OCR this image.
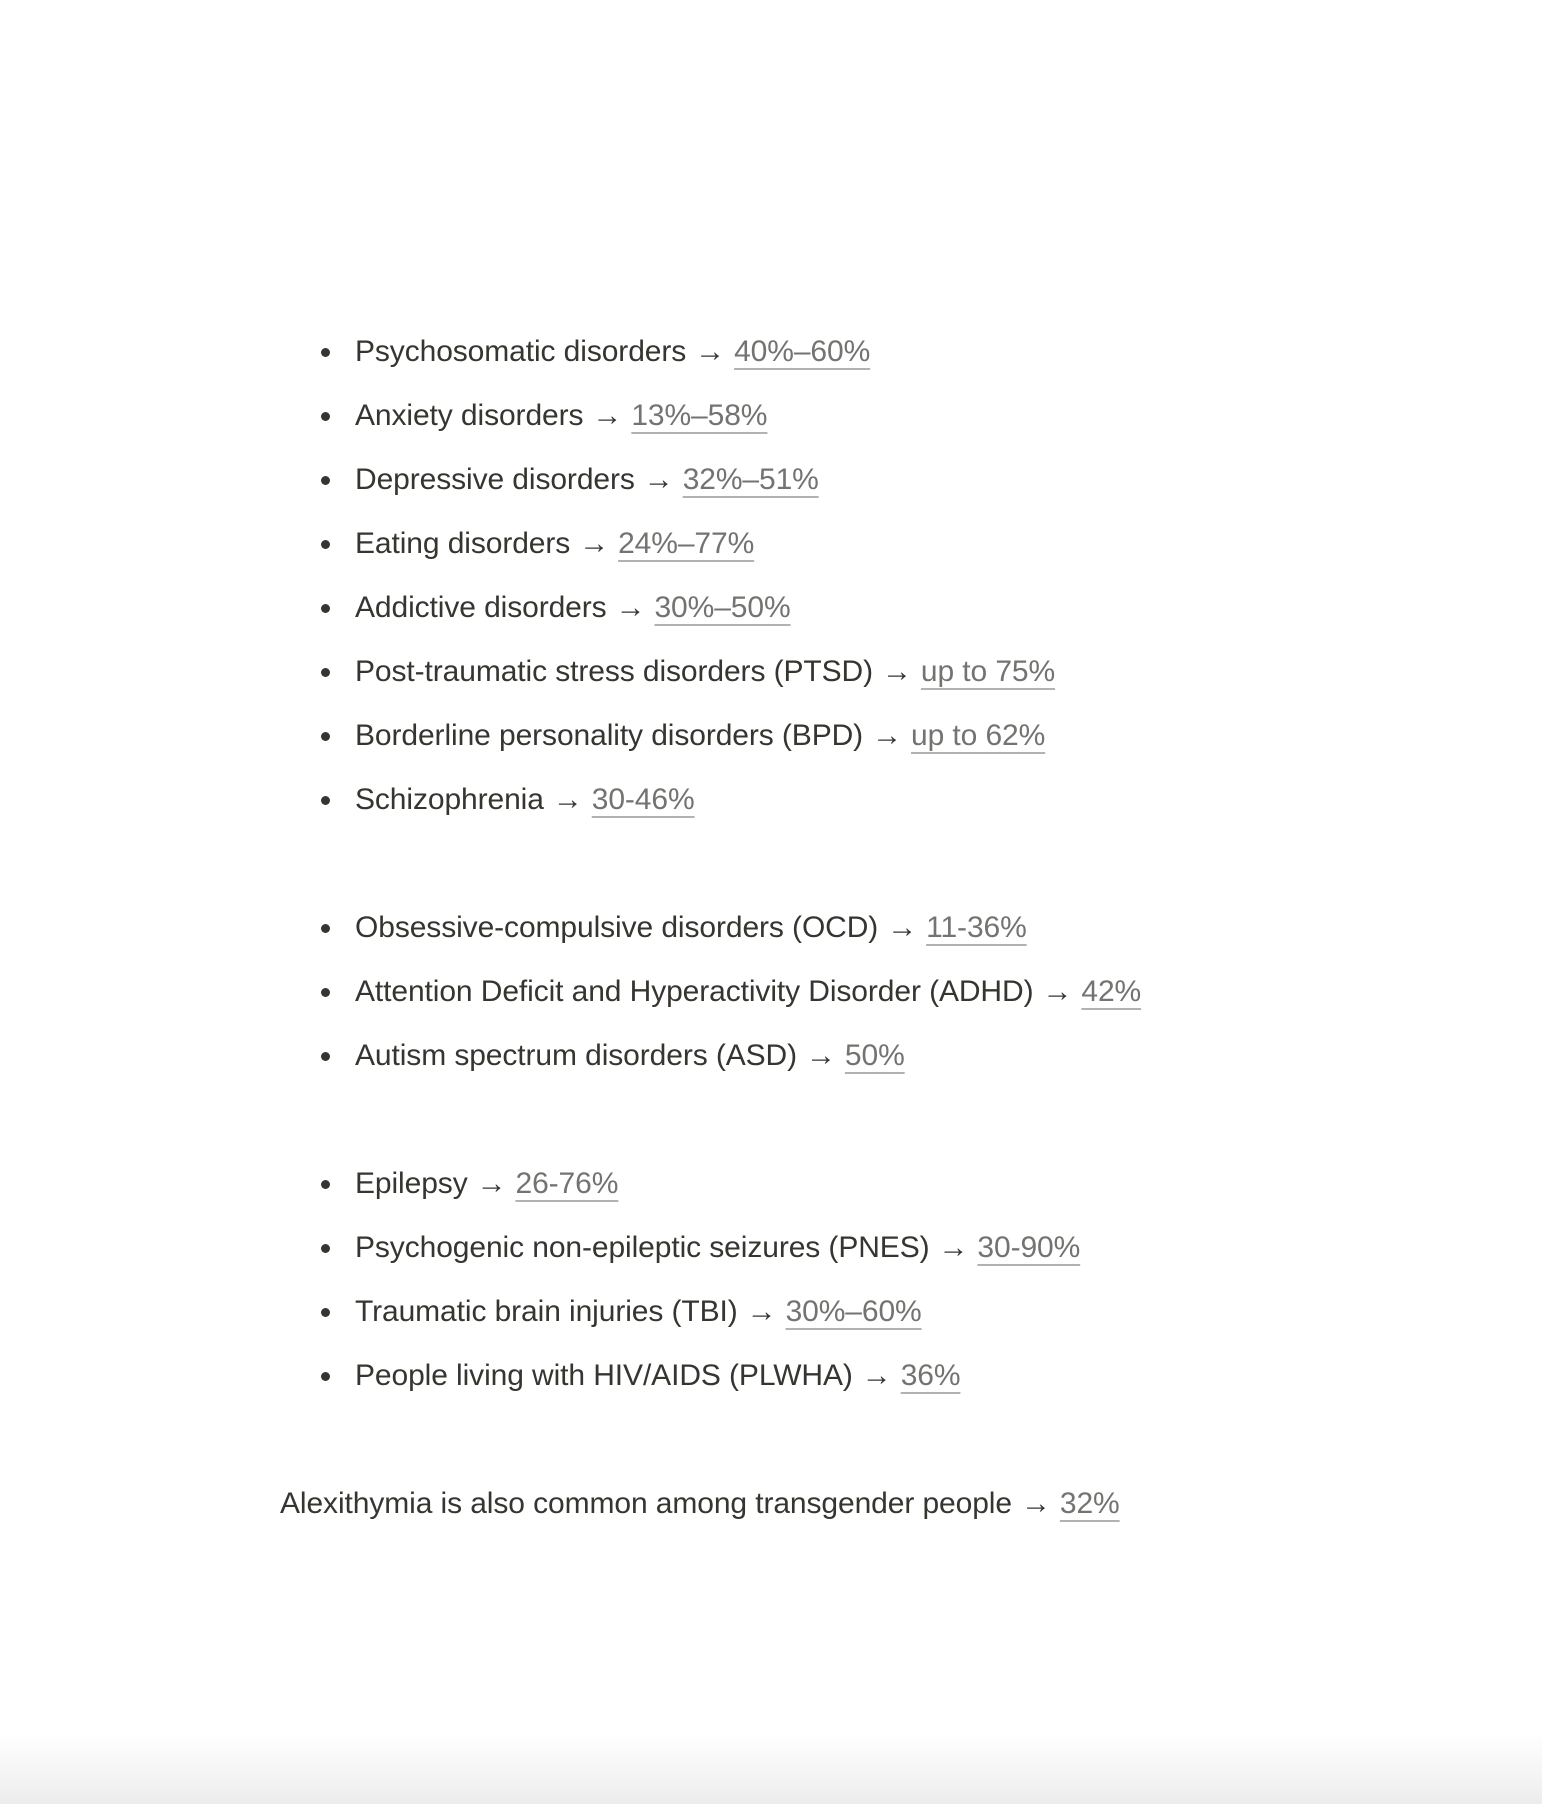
Psychosomatic disorders → 40%–60%
Anxiety disorders → 13%–58%
Depressive disorders → 32%–51%
Eating disorders → 24%–77%
Addictive disorders → 30%–50%
Post-traumatic stress disorders (PTSD) → up to 75%
Borderline personality disorders (BPD) → up to 62%
Schizophrenia → 30-46%
Obsessive-compulsive disorders (OCD) → 11-36%
Attention Deficit and Hyperactivity Disorder (ADHD) → 42%
Autism spectrum disorders (ASD) → 50%
Epilepsy → 26-76%
Psychogenic non-epileptic seizures (PNES) → 30-90%
Traumatic brain injuries (TBI) → 30%–60%
People living with HIV/AIDS (PLWHA) → 36%
Alexithymia is also common among transgender people → 32%
